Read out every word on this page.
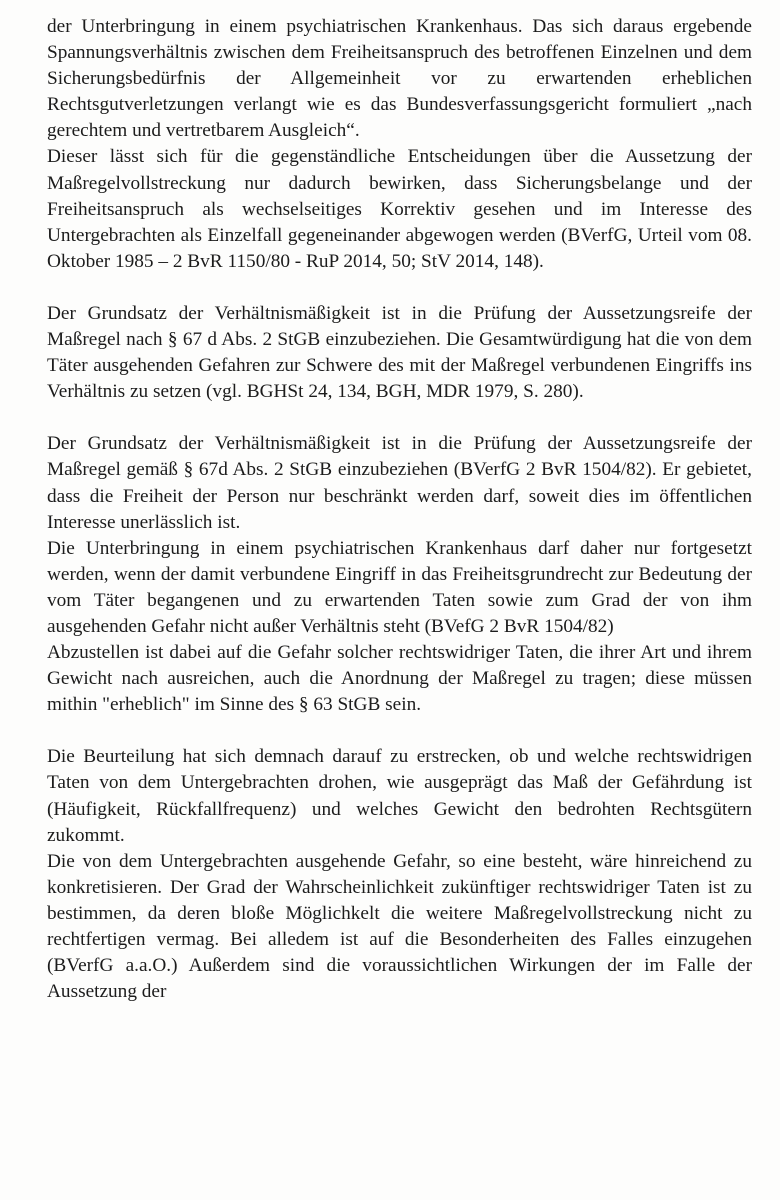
der Unterbringung in einem psychiatrischen Krankenhaus. Das sich daraus ergebende Spannungsverhältnis zwischen dem Freiheitsanspruch des betroffenen Einzelnen und dem Sicherungsbedürfnis der Allgemeinheit vor zu erwartenden erheblichen Rechtsgutverletzungen verlangt wie es das Bundesverfassungsgericht formuliert „nach gerechtem und vertretbarem Ausgleich“.

Dieser lässt sich für die gegenständliche Entscheidungen über die Aussetzung der Maßregelvollstreckung nur dadurch bewirken, dass Sicherungsbelange und der Freiheitsanspruch als wechselseitiges Korrektiv gesehen und im Interesse des Untergebrachten als Einzelfall gegeneinander abgewogen werden (BVerfG, Urteil vom 08. Oktober 1985 – 2 BvR 1150/80 - RuP 2014, 50; StV 2014, 148).

Der Grundsatz der Verhältnismäßigkeit ist in die Prüfung der Aussetzungsreife der Maßregel nach § 67 d Abs. 2 StGB einzubeziehen. Die Gesamtwürdigung hat die von dem Täter ausgehenden Gefahren zur Schwere des mit der Maßregel verbundenen Eingriffs ins Verhältnis zu setzen (vgl. BGHSt 24, 134, BGH, MDR 1979, S. 280).

Der Grundsatz der Verhältnismäßigkeit ist in die Prüfung der Aussetzungsreife der Maßregel gemäß § 67d Abs. 2 StGB einzubeziehen (BVerfG 2 BvR 1504/82). Er gebietet, dass die Freiheit der Person nur beschränkt werden darf, soweit dies im öffentlichen Interesse unerlässlich ist.

Die Unterbringung in einem psychiatrischen Krankenhaus darf daher nur fortgesetzt werden, wenn der damit verbundene Eingriff in das Freiheitsgrundrecht zur Bedeutung der vom Täter begangenen und zu erwartenden Taten sowie zum Grad der von ihm ausgehenden Gefahr nicht außer Verhältnis steht (BVefG 2 BvR 1504/82)

Abzustellen ist dabei auf die Gefahr solcher rechtswidriger Taten, die ihrer Art und ihrem Gewicht nach ausreichen, auch die Anordnung der Maßregel zu tragen; diese müssen mithin "erheblich" im Sinne des § 63 StGB sein.

Die Beurteilung hat sich demnach darauf zu erstrecken, ob und welche rechtswidrigen Taten von dem Untergebrachten drohen, wie ausgeprägt das Maß der Gefährdung ist (Häufigkeit, Rückfallfrequenz) und welches Gewicht den bedrohten Rechtsgütern zukommt.

Die von dem Untergebrachten ausgehende Gefahr, so eine besteht, wäre hinreichend zu konkretisieren. Der Grad der Wahrscheinlichkeit zukünftiger rechtswidriger Taten ist zu bestimmen, da deren bloße Möglichkelt die weitere Maßregelvollstreckung nicht zu rechtfertigen vermag. Bei alledem ist auf die Besonderheiten des Falles einzugehen (BVerfG a.a.O.) Außerdem sind die voraussichtlichen Wirkungen der im Falle der Aussetzung der
